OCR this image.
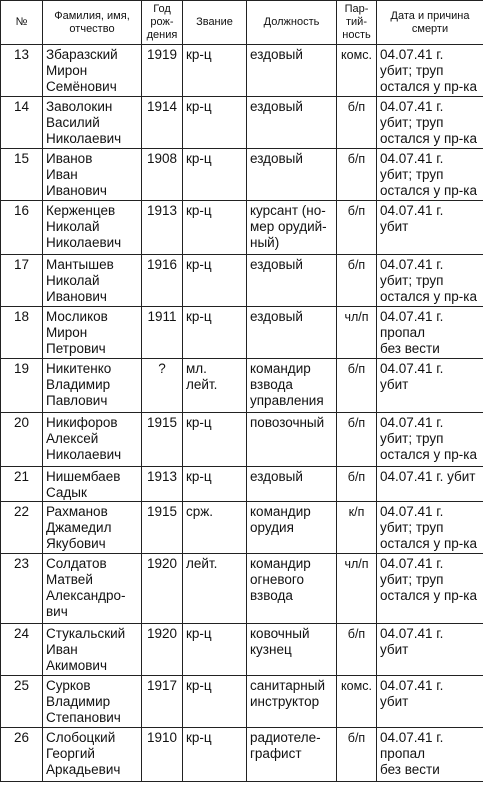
№	Фамилия, имя,
отчество	Год
рож-
дения	Звание	Должность	Пар-
тий-
ность	Дата и причина
смерти

13	Збаразский
Мирон
Семёнович	1919	кр-ц	ездовый	комс.	04.07.41 г.
убит; труп
остался у пр-ка

14	Заволокин
Василий
Николаевич	1914	кр-ц	ездовый	б/п	04.07.41 г.
убит; труп
остался у пр-ка

15	Иванов
Иван
Иванович	1908	кр-ц	ездовый	б/п	04.07.41 г.
убит; труп
остался у пр-ка

16	Керженцев
Николай
Николаевич	1913	кр-ц	курсант (но-
мер орудий-
ный)	б/п	04.07.41 г.
убит

17	Мантышев
Николай
Иванович	1916	кр-ц	ездовый	б/п	04.07.41 г.
убит; труп
остался у пр-ка

18	Мосликов
Мирон
Петрович	1911	кр-ц	ездовый	чл/п	04.07.41 г.
пропал
без вести

19	Никитенко
Владимир
Павлович	?	мл.
лейт.	командир
взвода
управления	б/п	04.07.41 г.
убит

20	Никифоров
Алексей
Николаевич	1915	кр-ц	повозочный	б/п	04.07.41 г.
убит; труп
остался у пр-ка

21	Нишембаев
Садык	1913	кр-ц	ездовый	б/п	04.07.41 г. убит

22	Рахманов
Джамедил
Якубович	1915	срж.	командир
орудия	к/п	04.07.41 г.
убит; труп
остался у пр-ка

23	Солдатов
Матвей
Александро-
вич	1920	лейт.	командир
огневого
взвода	чл/п	04.07.41 г.
убит; труп
остался у пр-ка

24	Стукальский
Иван
Акимович	1920	кр-ц	ковочный
кузнец	б/п	04.07.41 г.
убит

25	Сурков
Владимир
Степанович	1917	кр-ц	санитарный
инструктор	комс.	04.07.41 г.
убит

26	Слобоцкий
Георгий
Аркадьевич	1910	кр-ц	радиотеле-
графист	б/п	04.07.41 г.
пропал
без вести
